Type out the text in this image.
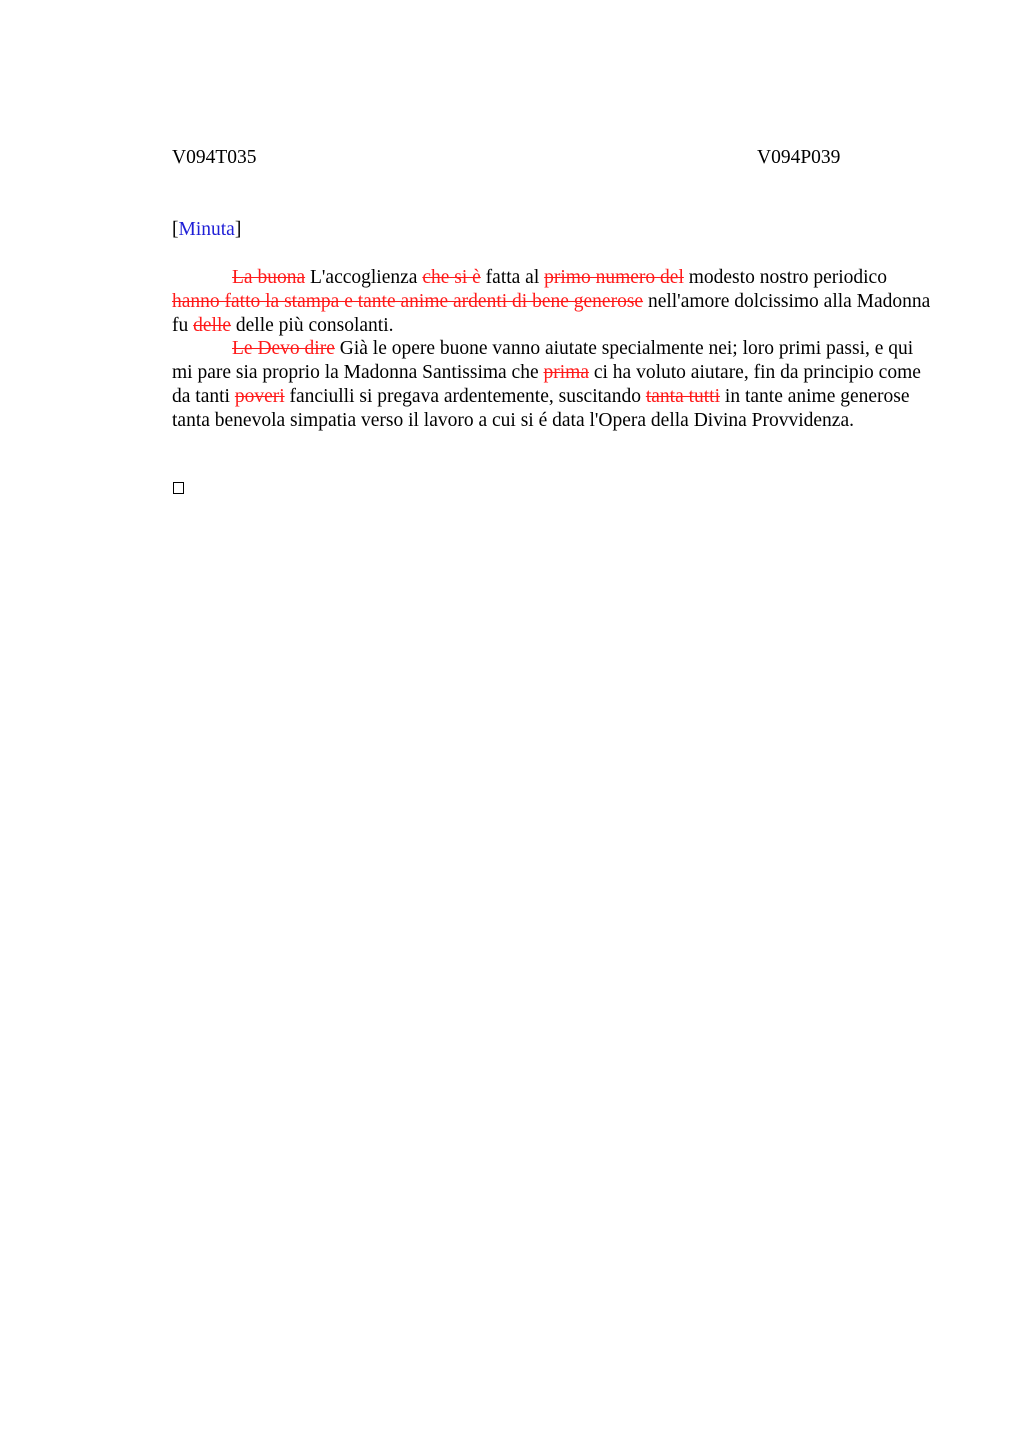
V094T035	V094P039
[Minuta]

La buona L'accoglienza che si è fatta al primo numero del modesto nostro periodico hanno fatto la stampa e tante anime ardenti di bene generose nell'amore dolcissimo alla Madonna fu delle delle più consolanti.

Le Devo dire Già le opere buone vanno aiutate specialmente nei; loro primi passi, e qui mi pare sia proprio la Madonna Santissima che prima ci ha voluto aiutare, fin da principio come da tanti poveri fanciulli si pregava ardentemente, suscitando tanta tutti in tante anime generose tanta benevola simpatia verso il lavoro a cui si é data l'Opera della Divina Provvidenza.
